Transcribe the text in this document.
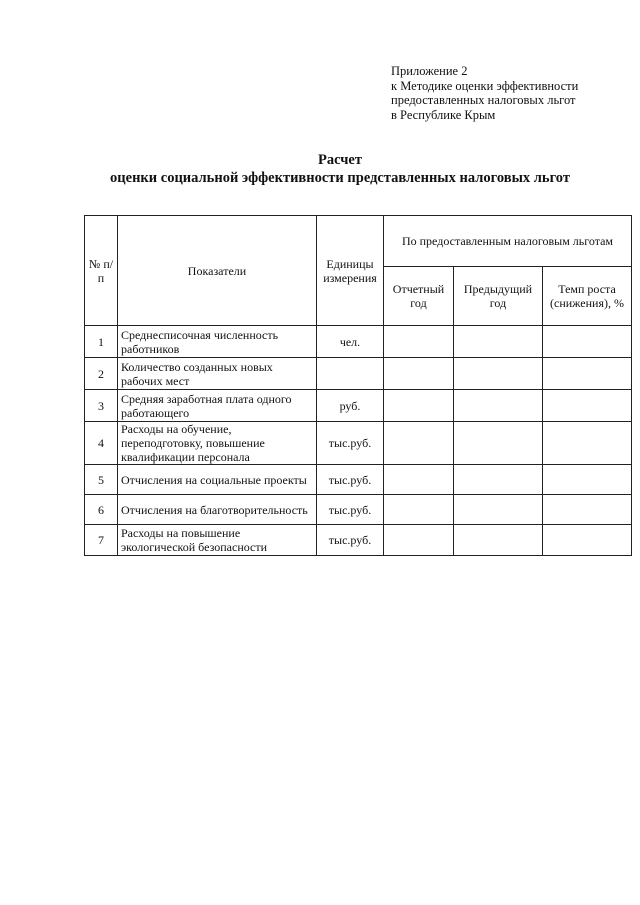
Приложение 2
к Методике оценки эффективности
предоставленных налоговых льгот
в Республике Крым
Расчет
оценки социальной эффективности представленных налоговых льгот
№ п/п	Показатели	Единицы измерения	По предоставленным налоговым льготам		
			Отчетный год	Предыдущий год	Темп роста (снижения), %
1	Среднесписочная численность работников	чел.			
2	Количество созданных новых рабочих мест				
3	Средняя заработная плата одного работающего	руб.			
4	Расходы на обучение, переподготовку, повышение квалификации персонала	тыс.руб.			
5	Отчисления на социальные проекты	тыс.руб.			
6	Отчисления на благотворительность	тыс.руб.			
7	Расходы на повышение экологической безопасности	тыс.руб.			
